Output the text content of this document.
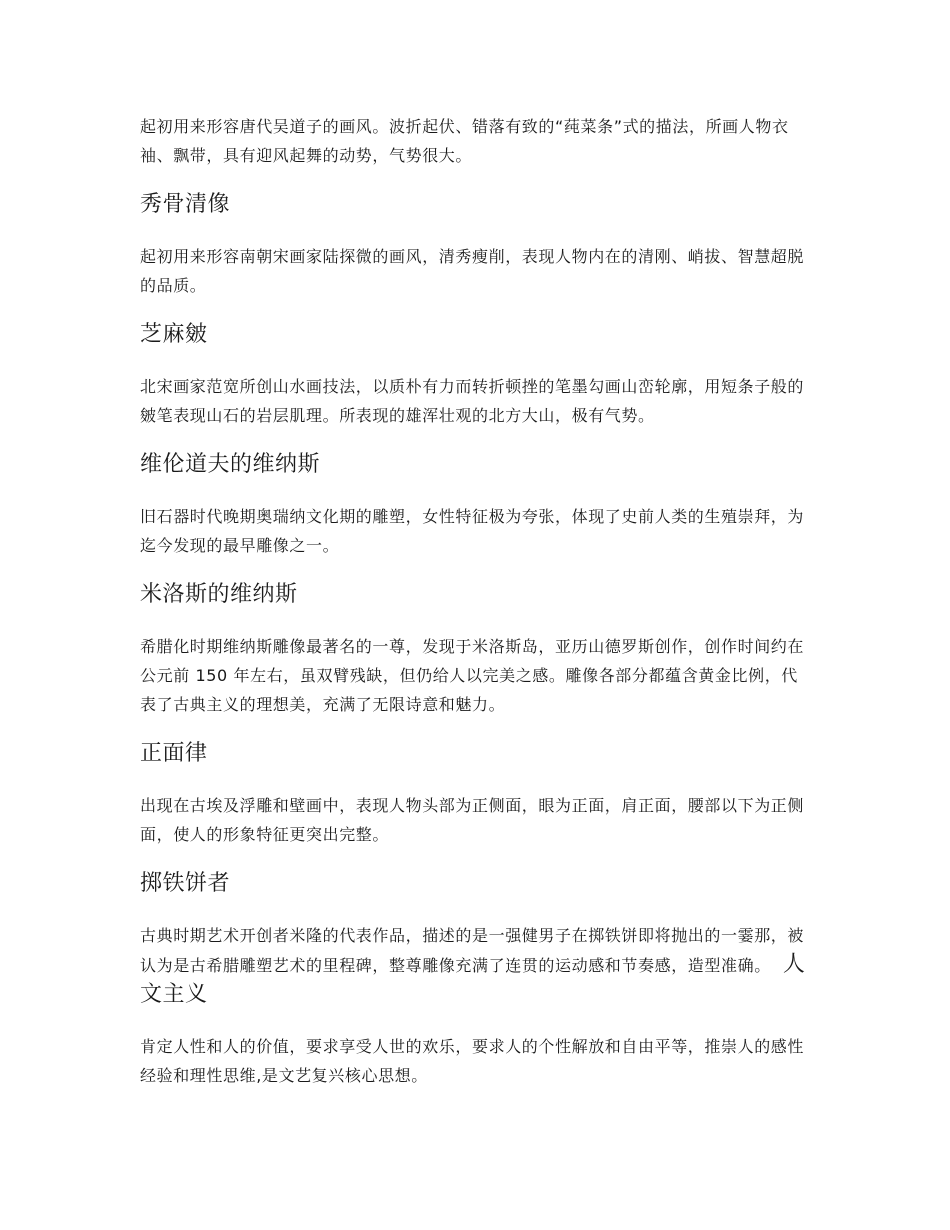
起初用来形容唐代吴道子的画风。波折起伏、错落有致的“莼菜条”式的描法，所画人物衣袖、飘带，具有迎风起舞的动势，气势很大。

秀骨清像

起初用来形容南朝宋画家陆探微的画风，清秀瘦削，表现人物内在的清刚、峭拔、智慧超脱的品质。

芝麻皴

北宋画家范宽所创山水画技法，以质朴有力而转折顿挫的笔墨勾画山峦轮廓，用短条子般的皴笔表现山石的岩层肌理。所表现的雄浑壮观的北方大山，极有气势。

维伦道夫的维纳斯

旧石器时代晚期奥瑞纳文化期的雕塑，女性特征极为夸张，体现了史前人类的生殖崇拜，为迄今发现的最早雕像之一。

米洛斯的维纳斯

希腊化时期维纳斯雕像最著名的一尊，发现于米洛斯岛，亚历山德罗斯创作，创作时间约在公元前 150 年左右，虽双臂残缺，但仍给人以完美之感。雕像各部分都蕴含黄金比例，代表了古典主义的理想美，充满了无限诗意和魅力。

正面律

出现在古埃及浮雕和壁画中，表现人物头部为正侧面，眼为正面，肩正面，腰部以下为正侧面，使人的形象特征更突出完整。

掷铁饼者

古典时期艺术开创者米隆的代表作品，描述的是一强健男子在掷铁饼即将抛出的一霎那，被认为是古希腊雕塑艺术的里程碑，整尊雕像充满了连贯的运动感和节奏感，造型准确。 人文主义

肯定人性和人的价值，要求享受人世的欢乐，要求人的个性解放和自由平等，推崇人的感性经验和理性思维,是文艺复兴核心思想。
